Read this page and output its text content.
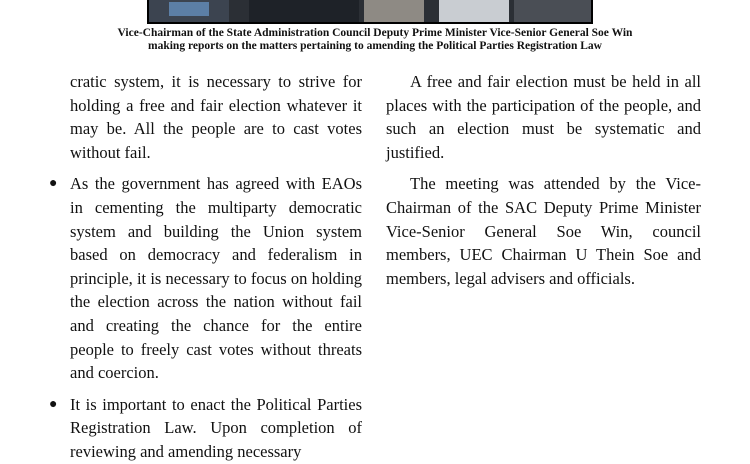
Vice-Chairman of the State Administration Council Deputy Prime Minister Vice-Senior General Soe Win making reports on the matters pertaining to amending the Political Parties Registration Law

cratic system, it is necessary to strive for holding a free and fair election whatever it may be. All the people are to cast votes without fail.

● As the government has agreed with EAOs in cementing the multiparty democratic system and building the Union system based on democracy and federalism in principle, it is necessary to focus on holding the election across the nation without fail and creating the chance for the entire people to freely cast votes without threats and coercion.

● It is important to enact the Political Parties Registration Law. Upon completion of reviewing and amending necessary

A free and fair election must be held in all places with the participation of the people, and such an election must be systematic and justified.

The meeting was attended by the Vice-Chairman of the SAC Deputy Prime Minister Vice-Senior General Soe Win, council members, UEC Chairman U Thein Soe and members, legal advisers and officials.
